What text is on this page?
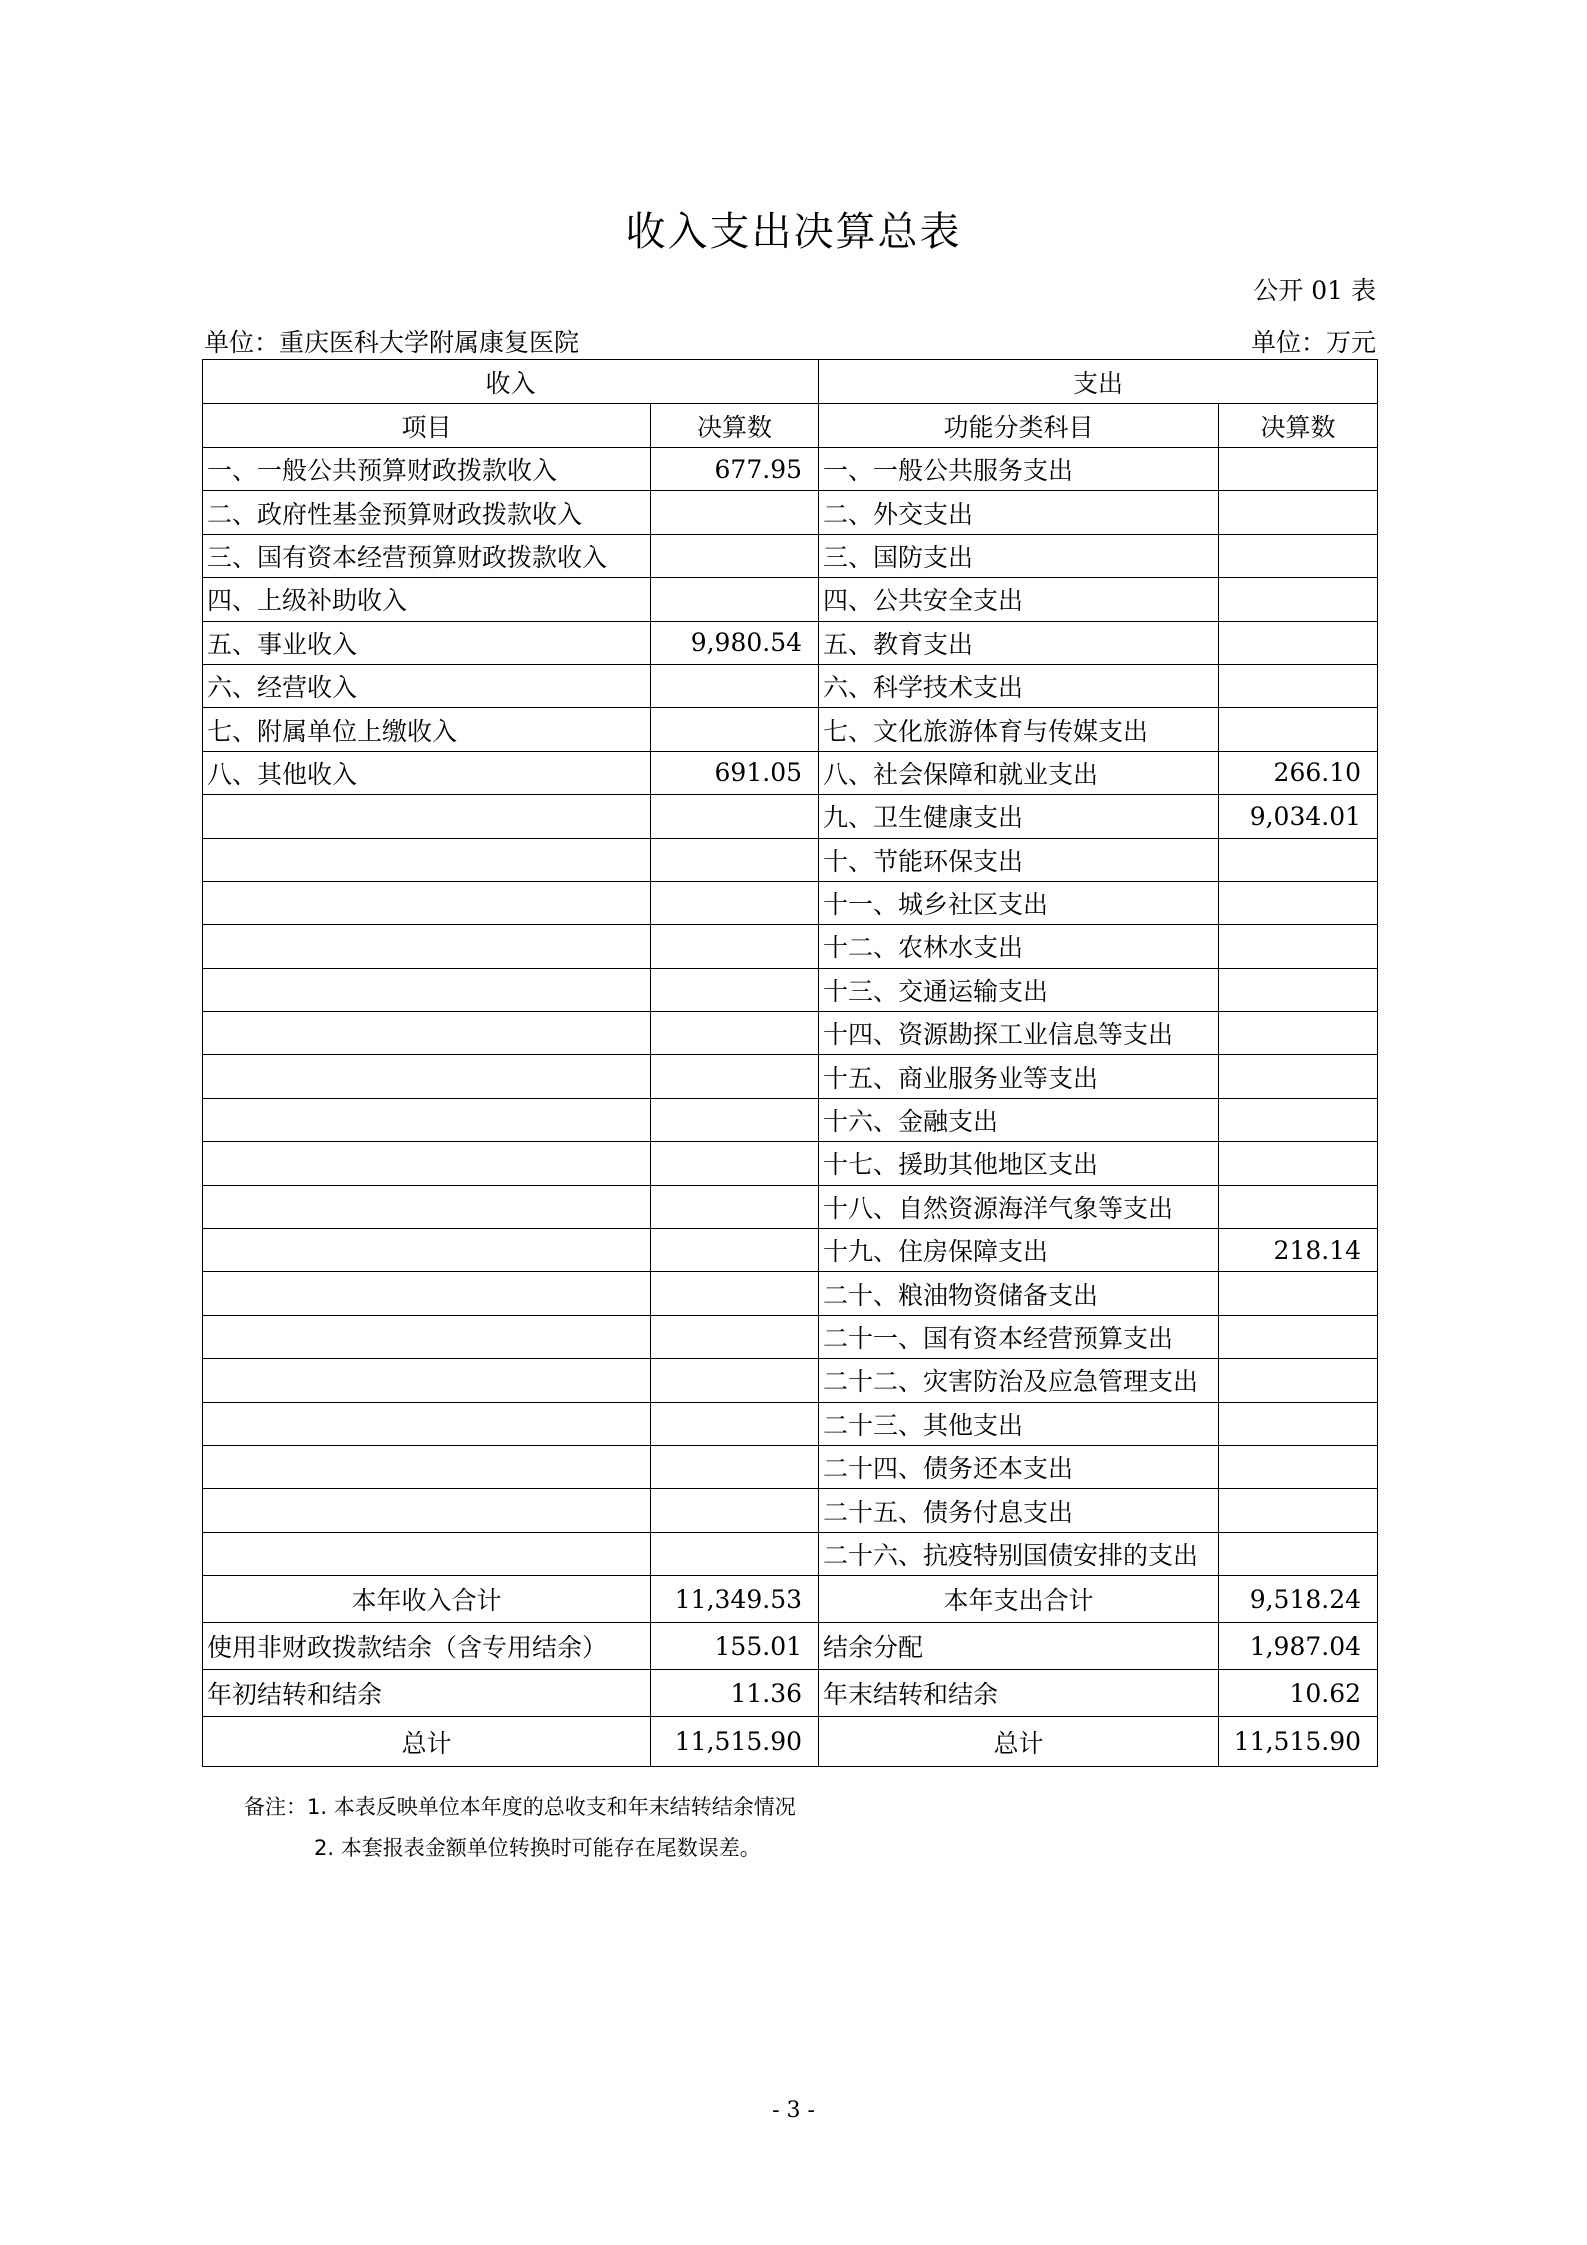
收入支出决算总表
公开 01 表
单位：重庆医科大学附属康复医院	单位：万元
收入		支出	
项目	决算数	功能分类科目	决算数
一、一般公共预算财政拨款收入	677.95	一、一般公共服务支出	
二、政府性基金预算财政拨款收入		二、外交支出	
三、国有资本经营预算财政拨款收入		三、国防支出	
四、上级补助收入		四、公共安全支出	
五、事业收入	9,980.54	五、教育支出	
六、经营收入		六、科学技术支出	
七、附属单位上缴收入		七、文化旅游体育与传媒支出	
八、其他收入	691.05	八、社会保障和就业支出	266.10
		九、卫生健康支出	9,034.01
		十、节能环保支出	
		十一、城乡社区支出	
		十二、农林水支出	
		十三、交通运输支出	
		十四、资源勘探工业信息等支出	
		十五、商业服务业等支出	
		十六、金融支出	
		十七、援助其他地区支出	
		十八、自然资源海洋气象等支出	
		十九、住房保障支出	218.14
		二十、粮油物资储备支出	
		二十一、国有资本经营预算支出	
		二十二、灾害防治及应急管理支出	
		二十三、其他支出	
		二十四、债务还本支出	
		二十五、债务付息支出	
		二十六、抗疫特别国债安排的支出	
本年收入合计	11,349.53	本年支出合计	9,518.24
使用非财政拨款结余（含专用结余）	155.01	结余分配	1,987.04
年初结转和结余	11.36	年末结转和结余	10.62
总计	11,515.90	总计	11,515.90
备注：1. 本表反映单位本年度的总收支和年末结转结余情况
2. 本套报表金额单位转换时可能存在尾数误差。
- 3 -
